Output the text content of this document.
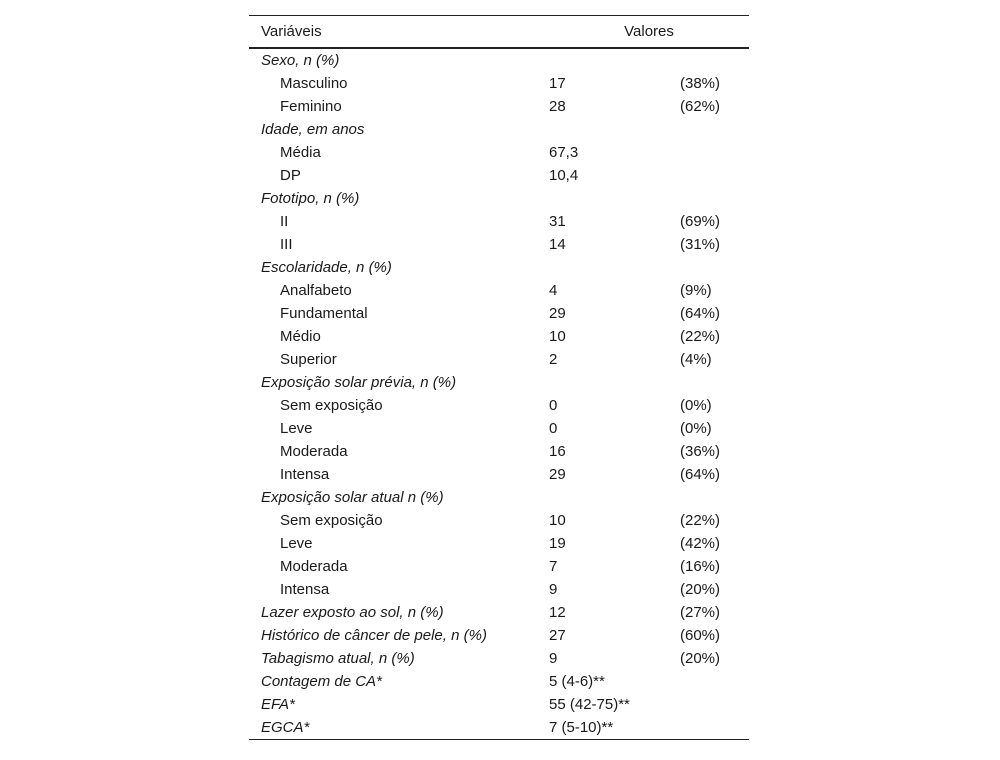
Variáveis	Valores	
Sexo, n (%)		
Masculino	17	(38%)
Feminino	28	(62%)
Idade, em anos		
Média	67,3	
DP	10,4	
Fototipo, n (%)		
II	31	(69%)
III	14	(31%)
Escolaridade, n (%)		
Analfabeto	4	(9%)
Fundamental	29	(64%)
Médio	10	(22%)
Superior	2	(4%)
Exposição solar prévia, n (%)		
Sem exposição	0	(0%)
Leve	0	(0%)
Moderada	16	(36%)
Intensa	29	(64%)
Exposição solar atual n (%)		
Sem exposição	10	(22%)
Leve	19	(42%)
Moderada	7	(16%)
Intensa	9	(20%)
Lazer exposto ao sol, n (%)	12	(27%)
Histórico de câncer de pele, n (%)	27	(60%)
Tabagismo atual, n (%)	9	(20%)
Contagem de CA*	5 (4-6)**	
EFA*	55 (42-75)**	
EGCA*	7 (5-10)**	
